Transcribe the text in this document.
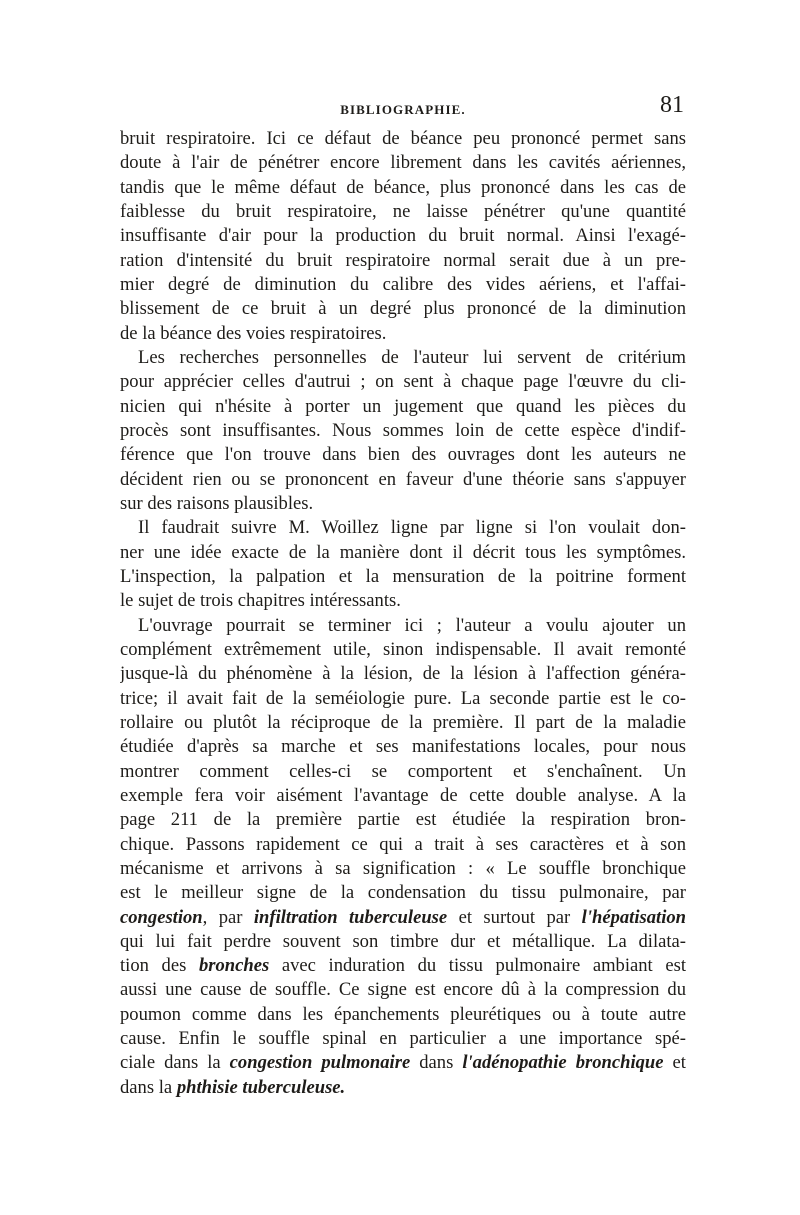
BIBLIOGRAPHIE.	81
bruit respiratoire. Ici ce défaut de béance peu prononcé permet sans
doute à l'air de pénétrer encore librement dans les cavités aériennes,
tandis que le même défaut de béance, plus prononcé dans les cas de
faiblesse du bruit respiratoire, ne laisse pénétrer qu'une quantité
insuffisante d'air pour la production du bruit normal. Ainsi l'exagé-
ration d'intensité du bruit respiratoire normal serait due à un pre-
mier degré de diminution du calibre des vides aériens, et l'affai-
blissement de ce bruit à un degré plus prononcé de la diminution
de la béance des voies respiratoires.
Les recherches personnelles de l'auteur lui servent de critérium
pour apprécier celles d'autrui ; on sent à chaque page l'œuvre du cli-
nicien qui n'hésite à porter un jugement que quand les pièces du
procès sont insuffisantes. Nous sommes loin de cette espèce d'indif-
férence que l'on trouve dans bien des ouvrages dont les auteurs ne
décident rien ou se prononcent en faveur d'une théorie sans s'appuyer
sur des raisons plausibles.
Il faudrait suivre M. Woillez ligne par ligne si l'on voulait don-
ner une idée exacte de la manière dont il décrit tous les symptômes.
L'inspection, la palpation et la mensuration de la poitrine forment
le sujet de trois chapitres intéressants.
L'ouvrage pourrait se terminer ici ; l'auteur a voulu ajouter un
complément extrêmement utile, sinon indispensable. Il avait remonté
jusque-là du phénomène à la lésion, de la lésion à l'affection généra-
trice; il avait fait de la seméiologie pure. La seconde partie est le co-
rollaire ou plutôt la réciproque de la première. Il part de la maladie
étudiée d'après sa marche et ses manifestations locales, pour nous
montrer comment celles-ci se comportent et s'enchaînent. Un
exemple fera voir aisément l'avantage de cette double analyse. A la
page 211 de la première partie est étudiée la respiration bron-
chique. Passons rapidement ce qui a trait à ses caractères et à son
mécanisme et arrivons à sa signification : « Le souffle bronchique
est le meilleur signe de la condensation du tissu pulmonaire, par
congestion, par infiltration tuberculeuse et surtout par l'hépatisation
qui lui fait perdre souvent son timbre dur et métallique. La dilata-
tion des bronches avec induration du tissu pulmonaire ambiant est
aussi une cause de souffle. Ce signe est encore dû à la compression du
poumon comme dans les épanchements pleurétiques ou à toute autre
cause. Enfin le souffle spinal en particulier a une importance spé-
ciale dans la congestion pulmonaire dans l'adénopathie bronchique et
dans la phthisie tuberculeuse.
